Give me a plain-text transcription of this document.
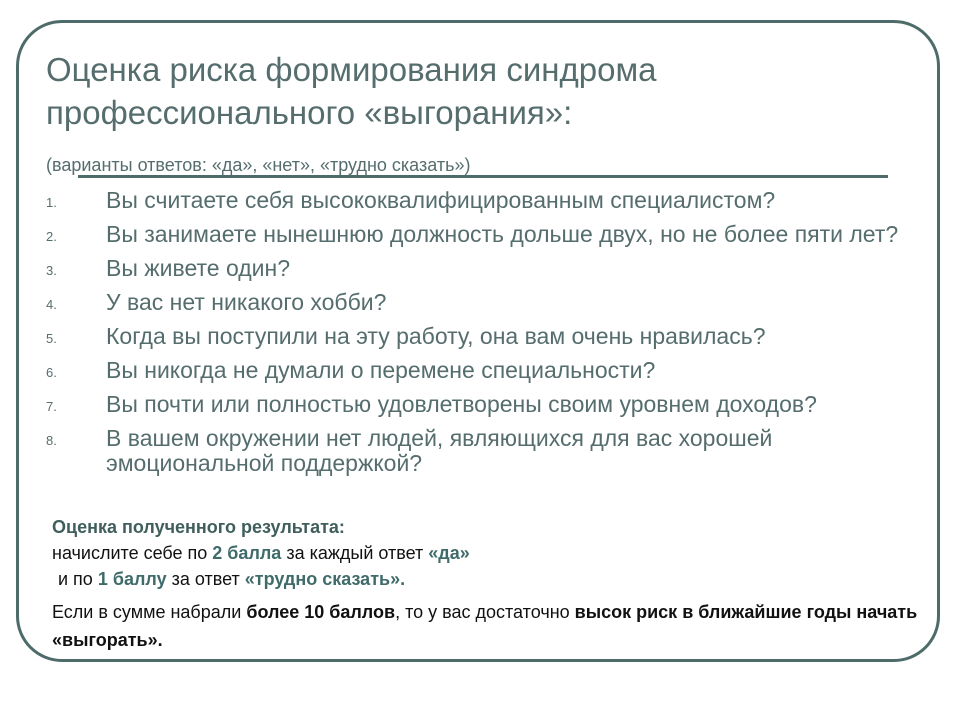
Оценка риска формирования синдрома профессионального «выгорания»:
(варианты ответов: «да», «нет», «трудно сказать»)
1.	Вы считаете себя высококвалифицированным специалистом?
2.	Вы занимаете нынешнюю должность дольше двух, но не более пяти лет?
3.	Вы живете один?
4.	У вас нет никакого хобби?
5.	Когда вы поступили на эту работу, она вам очень нравилась?
6.	Вы никогда не думали о перемене специальности?
7.	Вы почти или полностью удовлетворены своим уровнем доходов?
8.	В вашем окружении нет людей, являющихся для вас хорошей эмоциональной поддержкой?
Оценка полученного результата:
начислите себе по 2 балла за каждый ответ «да»
и по 1 баллу за ответ «трудно сказать».
Если в сумме набрали более 10 баллов, то у вас достаточно высок риск в ближайшие годы начать «выгорать».
